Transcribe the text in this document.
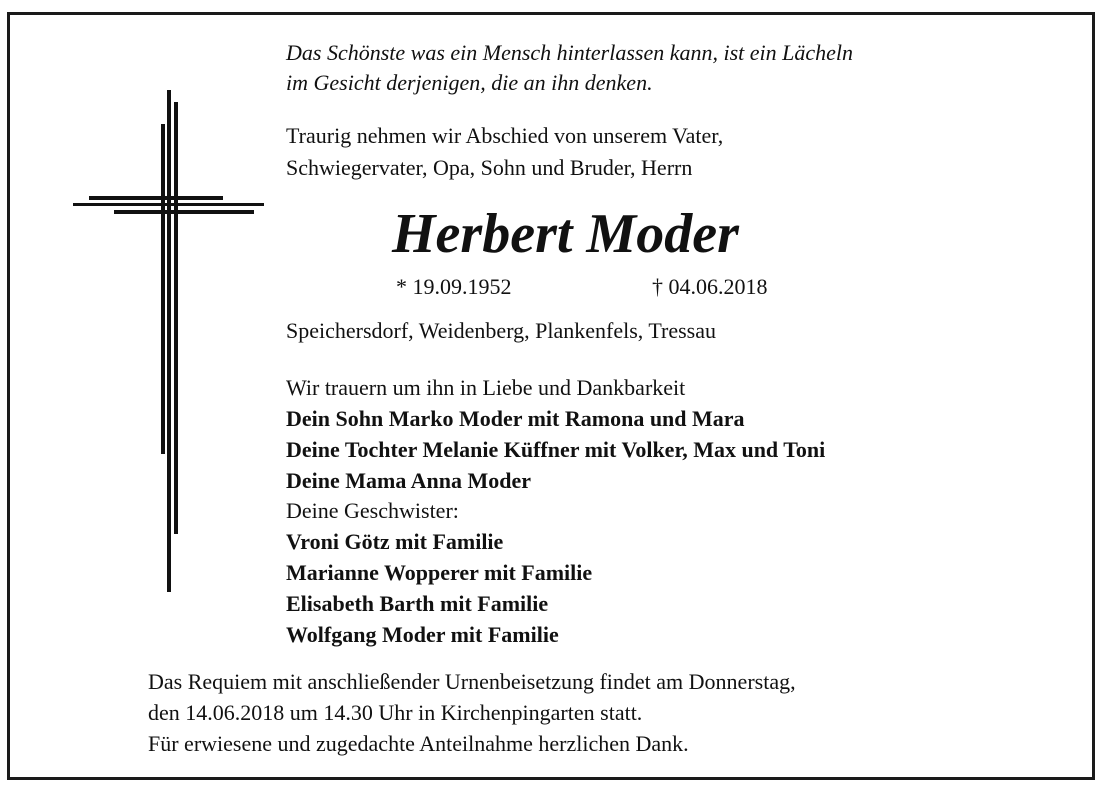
Das Schönste was ein Mensch hinterlassen kann, ist ein Lächeln

im Gesicht derjenigen, die an ihn denken.

Traurig nehmen wir Abschied von unserem Vater,

Schwiegervater, Opa, Sohn und Bruder, Herrn

Herbert Moder

* 19.09.1952	† 04.06.2018

Speichersdorf, Weidenberg, Plankenfels, Tressau

Wir trauern um ihn in Liebe und Dankbarkeit

Dein Sohn Marko Moder mit Ramona und Mara

Deine Tochter Melanie Küffner mit Volker, Max und Toni

Deine Mama Anna Moder

Deine Geschwister:

Vroni Götz mit Familie

Marianne Wopperer mit Familie

Elisabeth Barth mit Familie

Wolfgang Moder mit Familie

Das Requiem mit anschließender Urnenbeisetzung findet am Donnerstag,

den 14.06.2018 um 14.30 Uhr in Kirchenpingarten statt.

Für erwiesene und zugedachte Anteilnahme herzlichen Dank.
